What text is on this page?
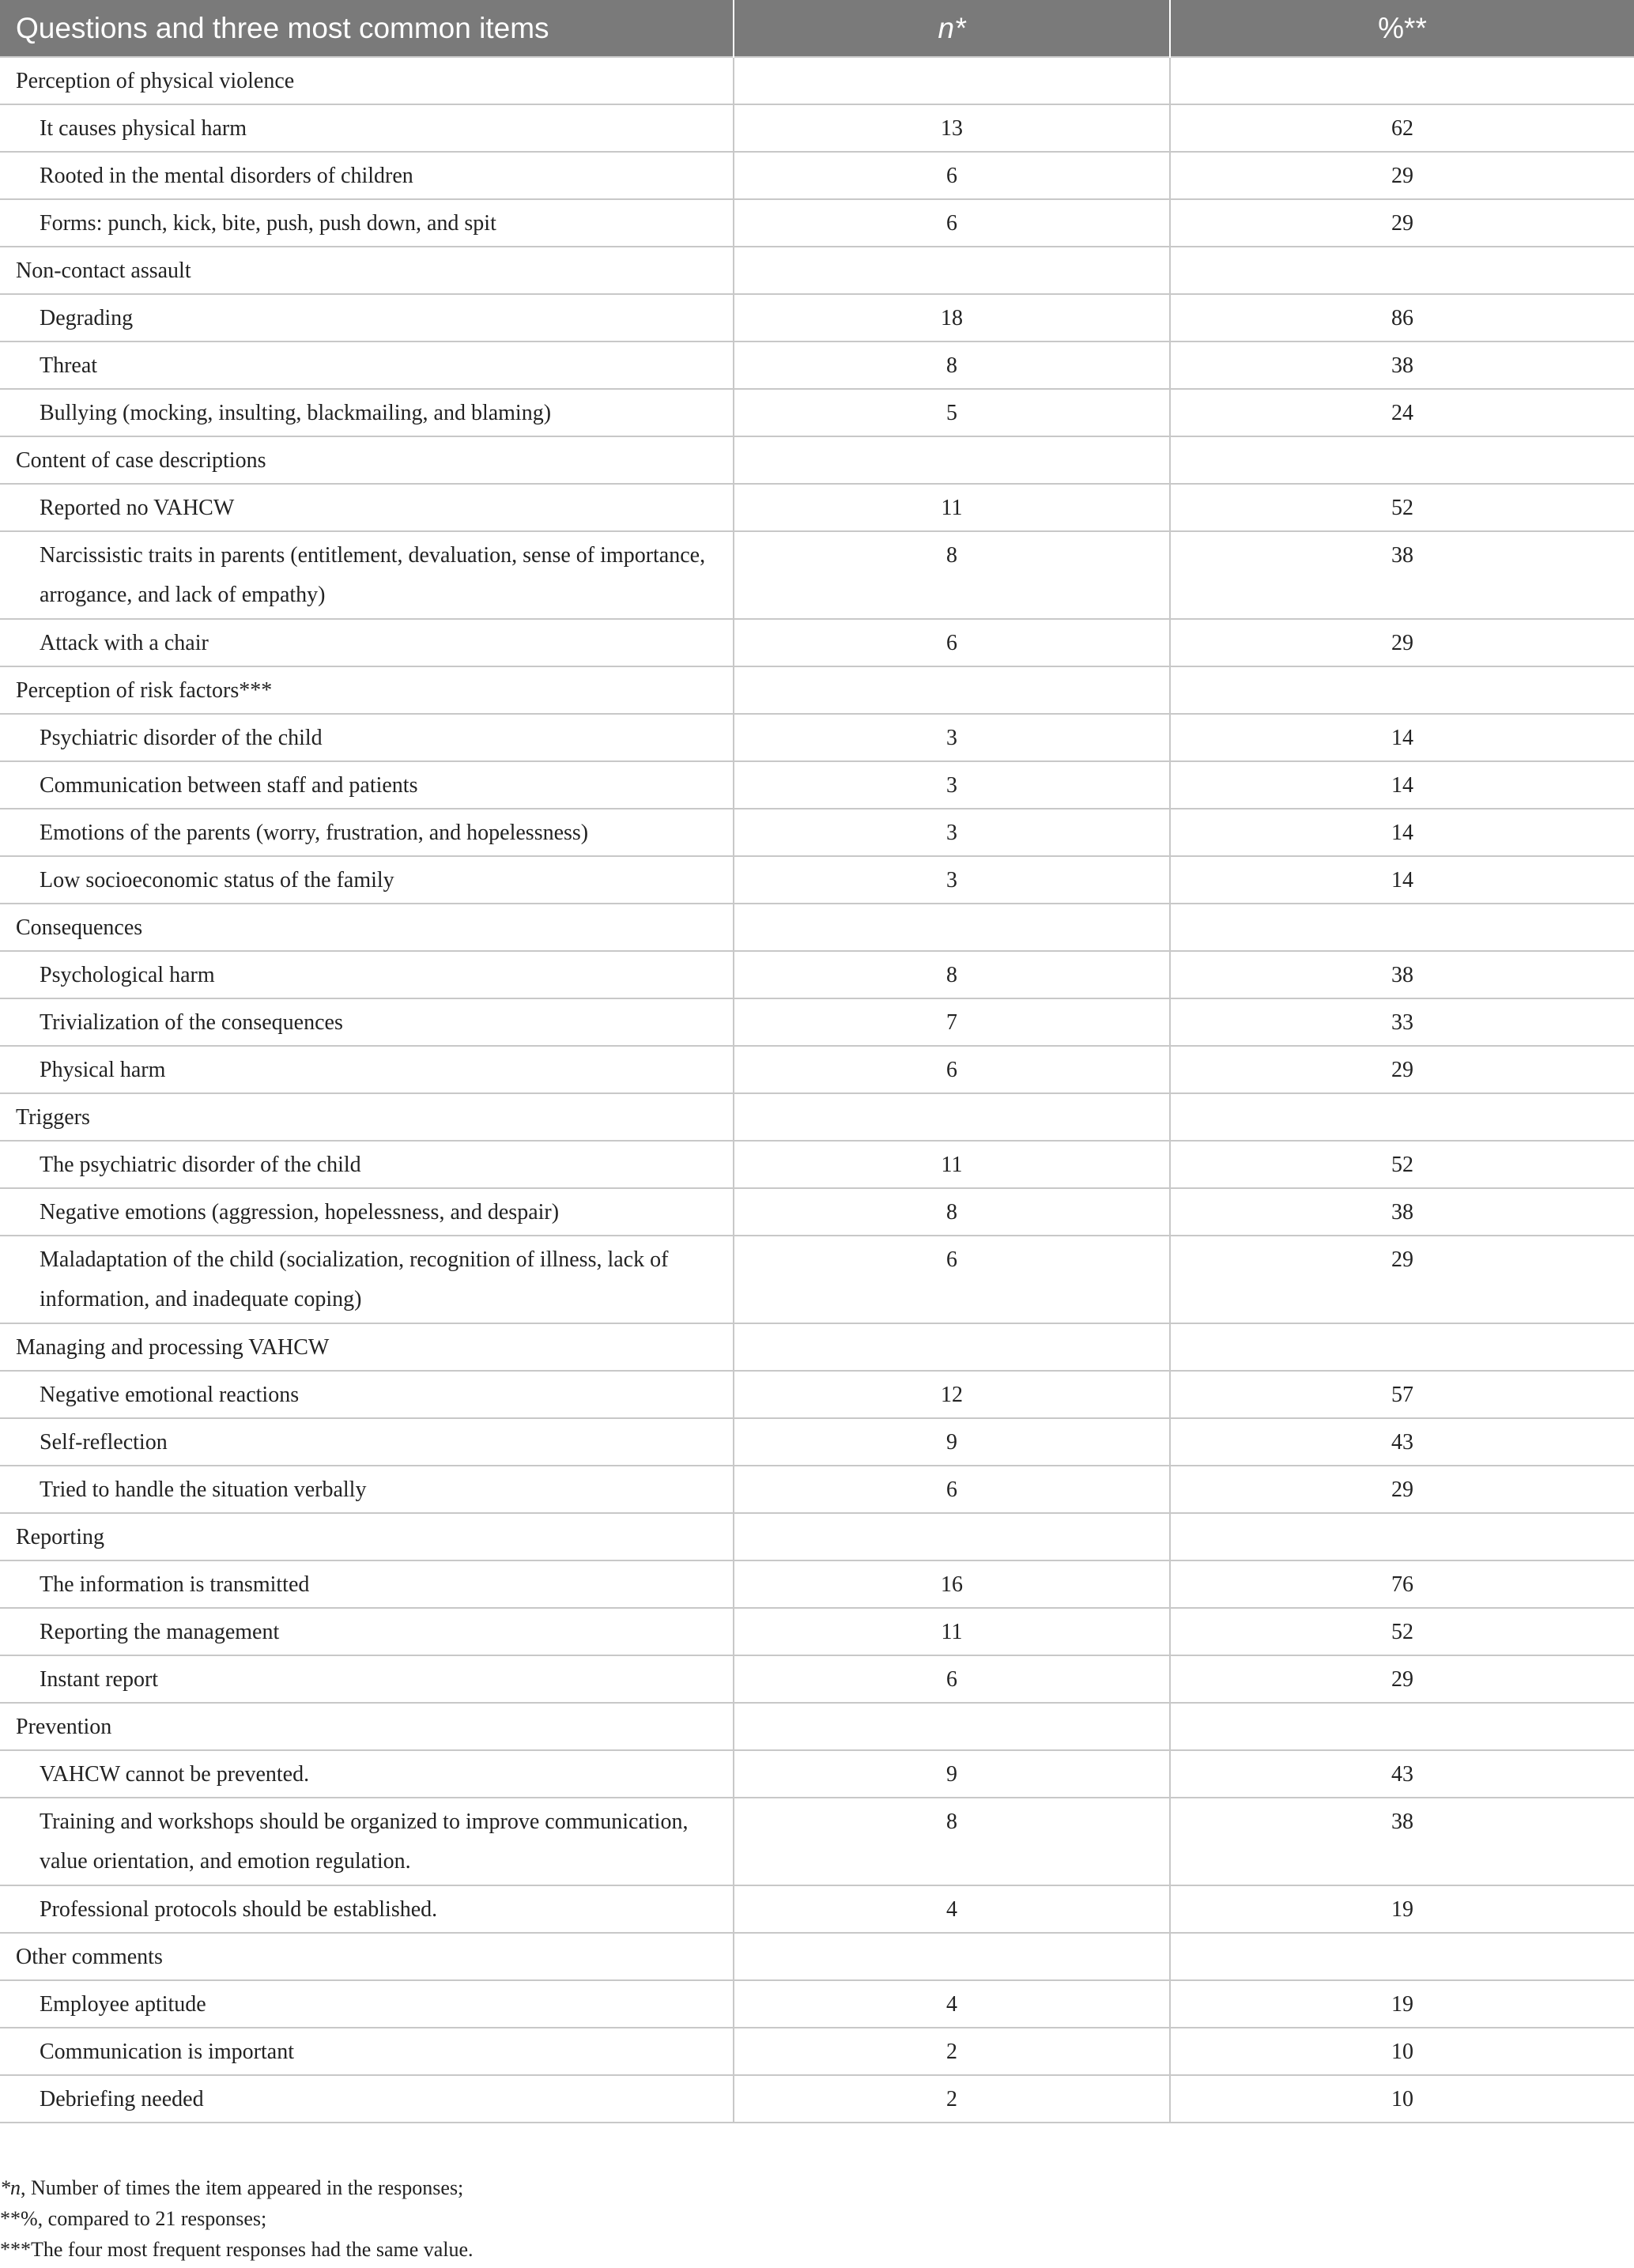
Questions and three most common items	n*	%**
Perception of physical violence		
It causes physical harm	13	62
Rooted in the mental disorders of children	6	29
Forms: punch, kick, bite, push, push down, and spit	6	29
Non-contact assault		
Degrading	18	86
Threat	8	38
Bullying (mocking, insulting, blackmailing, and blaming)	5	24
Content of case descriptions		
Reported no VAHCW	11	52
Narcissistic traits in parents (entitlement, devaluation, sense of importance, arrogance, and lack of empathy)	8	38
Attack with a chair	6	29
Perception of risk factors***		
Psychiatric disorder of the child	3	14
Communication between staff and patients	3	14
Emotions of the parents (worry, frustration, and hopelessness)	3	14
Low socioeconomic status of the family	3	14
Consequences		
Psychological harm	8	38
Trivialization of the consequences	7	33
Physical harm	6	29
Triggers		
The psychiatric disorder of the child	11	52
Negative emotions (aggression, hopelessness, and despair)	8	38
Maladaptation of the child (socialization, recognition of illness, lack of information, and inadequate coping)	6	29
Managing and processing VAHCW		
Negative emotional reactions	12	57
Self-reflection	9	43
Tried to handle the situation verbally	6	29
Reporting		
The information is transmitted	16	76
Reporting the management	11	52
Instant report	6	29
Prevention		
VAHCW cannot be prevented.	9	43
Training and workshops should be organized to improve communication, value orientation, and emotion regulation.	8	38
Professional protocols should be established.	4	19
Other comments		
Employee aptitude	4	19
Communication is important	2	10
Debriefing needed	2	10
*n, Number of times the item appeared in the responses;
**%, compared to 21 responses;
***The four most frequent responses had the same value.
